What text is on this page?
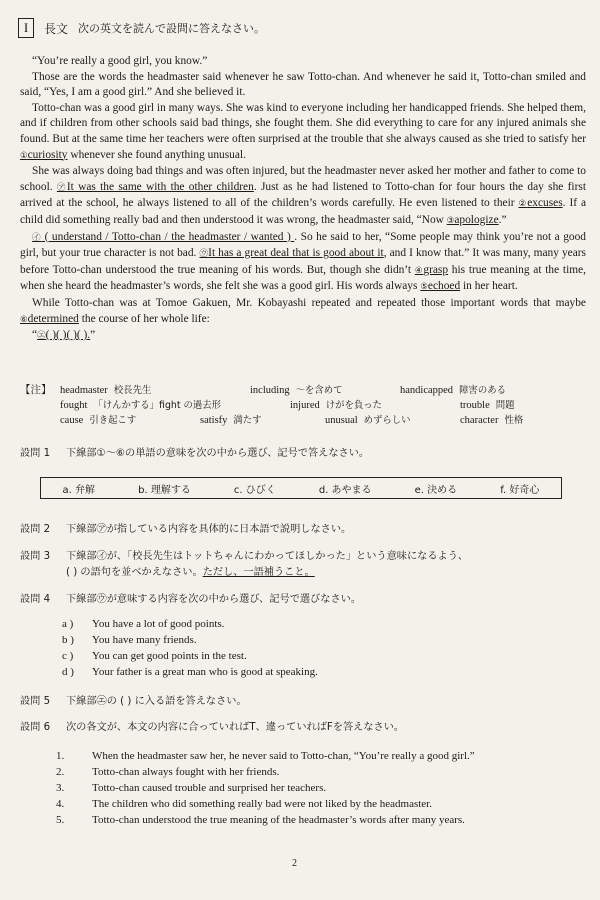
I	長文 次の英文を読んで設問に答えなさい。

“You’re really a good girl, you know.”

Those are the words the headmaster said whenever he saw Totto-chan. And whenever he said it, Totto-chan smiled and said, “Yes, I am a good girl.” And she believed it.

Totto-chan was a good girl in many ways. She was kind to everyone including her handicapped friends. She helped them, and if children from other schools said bad things, she fought them. She did everything to care for any injured animals she found. But at the same time her teachers were often surprised at the trouble that she always caused as she tried to satisfy her ①curiosity whenever she found anything unusual.

She was always doing bad things and was often injured, but the headmaster never asked her mother and father to come to school. ㋐It was the same with the other children. Just as he had listened to Totto-chan for four hours the day she first arrived at the school, he always listened to all of the children’s words carefully. He even listened to their ②excuses. If a child did something really bad and then understood it was wrong, the headmaster said, “Now ③apologize.”

㋑ ( understand / Totto-chan / the headmaster / wanted ) . So he said to her, “Some people may think you’re not a good girl, but your true character is not bad. ㋒It has a great deal that is good about it, and I know that.” It was many, many years before Totto-chan understood the true meaning of his words. But, though she didn’t ④grasp his true meaning at the time, when she heard the headmaster’s words, she felt she was a good girl. His words always ⑤echoed in her heart.

While Totto-chan was at Tomoe Gakuen, Mr. Kobayashi repeated and repeated those important words that maybe ⑥determined the course of her whole life:

“㋓( )( )( )( ).”

【注】 headmaster 校長先生	including 〜を含めて	handicapped 障害のある
fought 「けんかする」fight の過去形	injured けがを負った	trouble 問題
cause 引き起こす	satisfy 満たす	unusual めずらしい	character 性格
設問 1 下線部①〜⑥の単語の意味を次の中から選び、記号で答えなさい。
a. 弁解	b. 理解する	c. ひびく	d. あやまる	e. 決める	f. 好奇心
設問 2 下線部㋐が指している内容を具体的に日本語で説明しなさい。
設問 3 下線部㋑が、「校長先生はトットちゃんにわかってほしかった」という意味になるよう、
( ) の語句を並べかえなさい。ただし、一語補うこと。
設問 4 下線部㋒が意味する内容を次の中から選び、記号で選びなさい。
a ) You have a lot of good points.
b ) You have many friends.
c ) You can get good points in the test.
d ) Your father is a great man who is good at speaking.
設問 5 下線部㋓の ( ) に入る語を答えなさい。
設問 6 次の各文が、本文の内容に合っていればT、違っていればFを答えなさい。
1.	When the headmaster saw her, he never said to Totto-chan, “You’re really a good girl.”
2.	Totto-chan always fought with her friends.
3.	Totto-chan caused trouble and surprised her teachers.
4.	The children who did something really bad were not liked by the headmaster.
5.	Totto-chan understood the true meaning of the headmaster’s words after many years.
2
